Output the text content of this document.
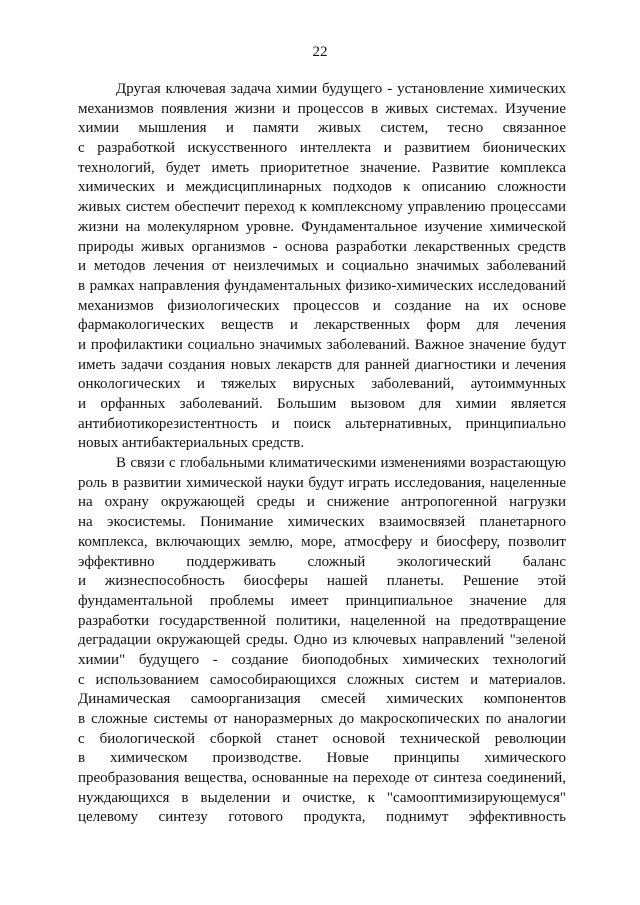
22
Другая ключевая задача химии будущего - установление химических
механизмов появления жизни и процессов в живых системах. Изучение
химии мышления и памяти живых систем, тесно связанное
с разработкой искусственного интеллекта и развитием бионических
технологий, будет иметь приоритетное значение. Развитие комплекса
химических и междисциплинарных подходов к описанию сложности
живых систем обеспечит переход к комплексному управлению процессами
жизни на молекулярном уровне. Фундаментальное изучение химической
природы живых организмов - основа разработки лекарственных средств
и методов лечения от неизлечимых и социально значимых заболеваний
в рамках направления фундаментальных физико-химических исследований
механизмов физиологических процессов и создание на их основе
фармакологических веществ и лекарственных форм для лечения
и профилактики социально значимых заболеваний. Важное значение будут
иметь задачи создания новых лекарств для ранней диагностики и лечения
онкологических и тяжелых вирусных заболеваний, аутоиммунных
и орфанных заболеваний. Большим вызовом для химии является
антибиотикорезистентность и поиск альтернативных, принципиально
новых антибактериальных средств.
В связи с глобальными климатическими изменениями возрастающую
роль в развитии химической науки будут играть исследования, нацеленные
на охрану окружающей среды и снижение антропогенной нагрузки
на экосистемы. Понимание химических взаимосвязей планетарного
комплекса, включающих землю, море, атмосферу и биосферу, позволит
эффективно поддерживать сложный экологический баланс
и жизнеспособность биосферы нашей планеты. Решение этой
фундаментальной проблемы имеет принципиальное значение для
разработки государственной политики, нацеленной на предотвращение
деградации окружающей среды. Одно из ключевых направлений "зеленой
химии" будущего - создание биоподобных химических технологий
с использованием самособирающихся сложных систем и материалов.
Динамическая самоорганизация смесей химических компонентов
в сложные системы от наноразмерных до макроскопических по аналогии
с биологической сборкой станет основой технической революции
в химическом производстве. Новые принципы химического
преобразования вещества, основанные на переходе от синтеза соединений,
нуждающихся в выделении и очистке, к "самооптимизирующемуся"
целевому синтезу готового продукта, поднимут эффективность
